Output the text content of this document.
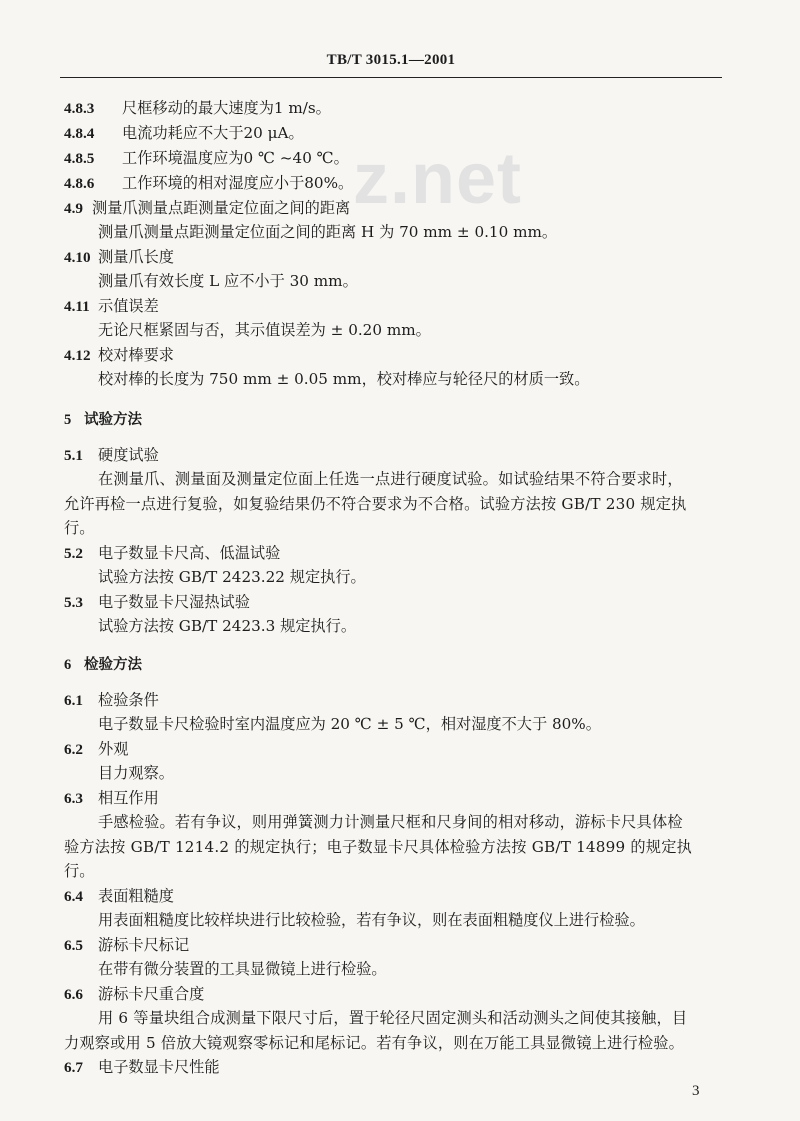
z.net
TB/T 3015.1—2001
4.8.3 尺框移动的最大速度为1 m/s。
4.8.4 电流功耗应不大于20 μA。
4.8.5 工作环境温度应为0 ℃ ~40 ℃。
4.8.6 工作环境的相对湿度应小于80%。
4.9 测量爪测量点距测量定位面之间的距离
测量爪测量点距测量定位面之间的距离 H 为 70 mm ± 0.10 mm。
4.10 测量爪长度
测量爪有效长度 L 应不小于 30 mm。
4.11 示值误差
无论尺框紧固与否，其示值误差为 ± 0.20 mm。
4.12 校对棒要求
校对棒的长度为 750 mm ± 0.05 mm，校对棒应与轮径尺的材质一致。
5 试验方法
5.1 硬度试验
在测量爪、测量面及测量定位面上任选一点进行硬度试验。如试验结果不符合要求时，
允许再检一点进行复验，如复验结果仍不符合要求为不合格。试验方法按 GB/T 230 规定执
行。
5.2 电子数显卡尺高、低温试验
试验方法按 GB/T 2423.22 规定执行。
5.3 电子数显卡尺湿热试验
试验方法按 GB/T 2423.3 规定执行。
6 检验方法
6.1 检验条件
电子数显卡尺检验时室内温度应为 20 ℃ ± 5 ℃，相对湿度不大于 80%。
6.2 外观
目力观察。
6.3 相互作用
手感检验。若有争议，则用弹簧测力计测量尺框和尺身间的相对移动，游标卡尺具体检
验方法按 GB/T 1214.2 的规定执行；电子数显卡尺具体检验方法按 GB/T 14899 的规定执
行。
6.4 表面粗糙度
用表面粗糙度比较样块进行比较检验，若有争议，则在表面粗糙度仪上进行检验。
6.5 游标卡尺标记
在带有微分装置的工具显微镜上进行检验。
6.6 游标卡尺重合度
用 6 等量块组合成测量下限尺寸后，置于轮径尺固定测头和活动测头之间使其接触，目
力观察或用 5 倍放大镜观察零标记和尾标记。若有争议，则在万能工具显微镜上进行检验。
6.7 电子数显卡尺性能
3
